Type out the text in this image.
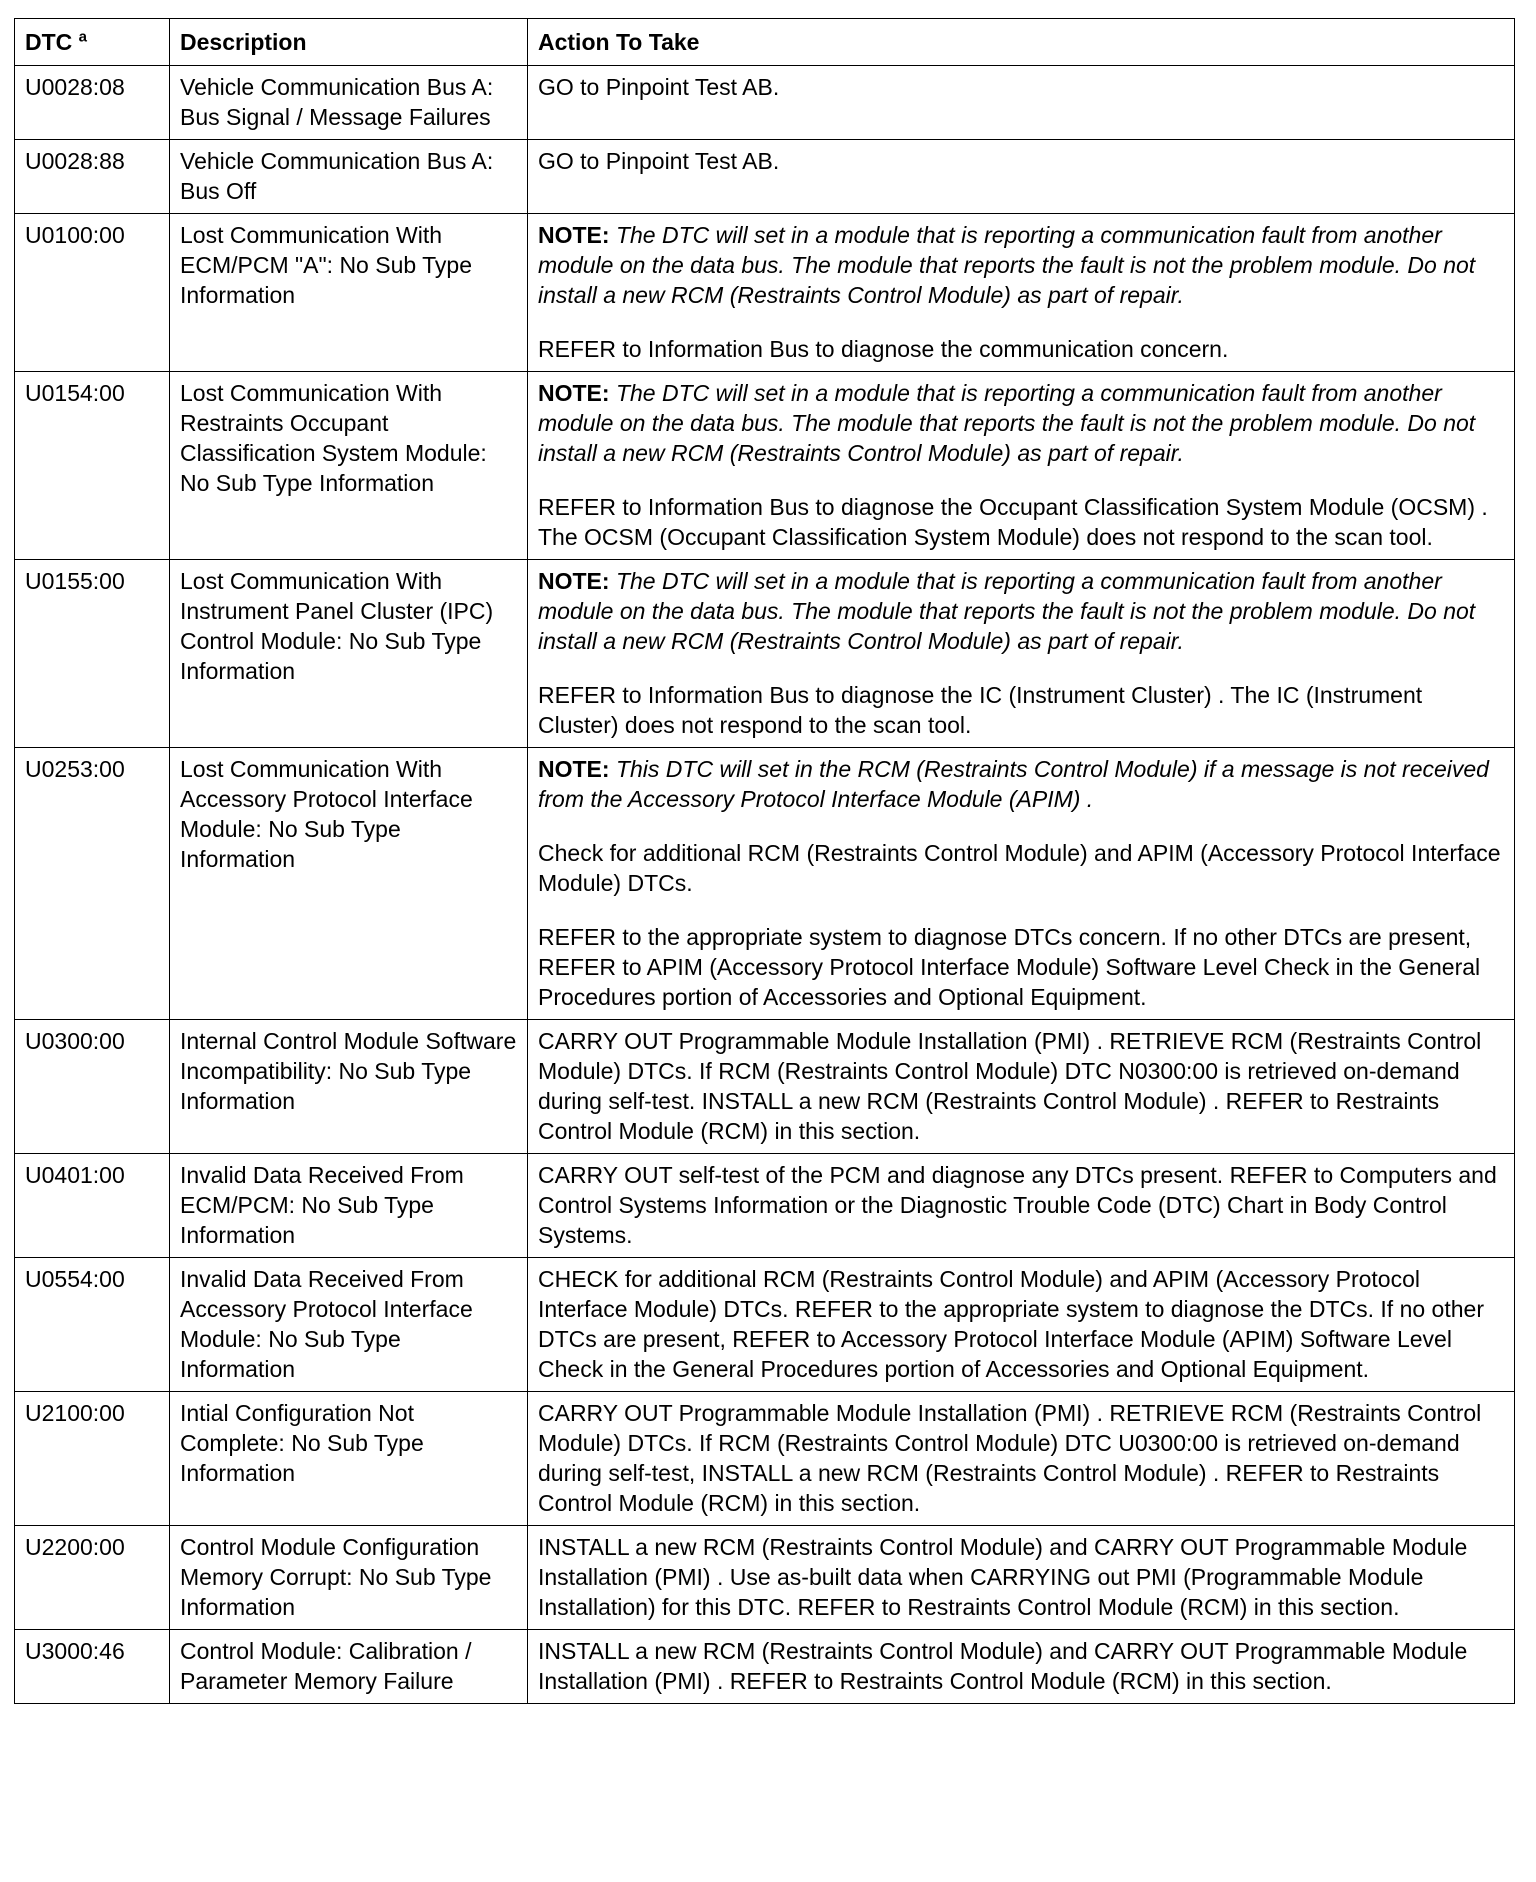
DTC $^a$	Description	Action To Take
U0028:08	Vehicle Communication Bus A: Bus Signal / Message Failures	GO to Pinpoint Test AB.

U0028:88	Vehicle Communication Bus A: Bus Off	GO to Pinpoint Test AB.

U0100:00	Lost Communication With ECM/PCM "A": No Sub Type Information	NOTE: The DTC will set in a module that is reporting a communication fault from another module on the data bus. The module that reports the fault is not the problem module. Do not install a new RCM (Restraints Control Module) as part of repair.

REFER to Information Bus to diagnose the communication concern.

U0154:00	Lost Communication With Restraints Occupant Classification System Module: No Sub Type Information	NOTE: The DTC will set in a module that is reporting a communication fault from another module on the data bus. The module that reports the fault is not the problem module. Do not install a new RCM (Restraints Control Module) as part of repair.

REFER to Information Bus to diagnose the Occupant Classification System Module (OCSM) . The OCSM (Occupant Classification System Module) does not respond to the scan tool.

U0155:00	Lost Communication With Instrument Panel Cluster (IPC) Control Module: No Sub Type Information	NOTE: The DTC will set in a module that is reporting a communication fault from another module on the data bus. The module that reports the fault is not the problem module. Do not install a new RCM (Restraints Control Module) as part of repair.

REFER to Information Bus to diagnose the IC (Instrument Cluster) . The IC (Instrument Cluster) does not respond to the scan tool.

U0253:00	Lost Communication With Accessory Protocol Interface Module: No Sub Type Information	NOTE: This DTC will set in the RCM (Restraints Control Module) if a message is not received from the Accessory Protocol Interface Module (APIM) .

Check for additional RCM (Restraints Control Module) and APIM (Accessory Protocol Interface Module) DTCs.

REFER to the appropriate system to diagnose DTCs concern. If no other DTCs are present, REFER to APIM (Accessory Protocol Interface Module) Software Level Check in the General Procedures portion of Accessories and Optional Equipment.

U0300:00	Internal Control Module Software Incompatibility: No Sub Type Information	CARRY OUT Programmable Module Installation (PMI) . RETRIEVE RCM (Restraints Control Module) DTCs. If RCM (Restraints Control Module) DTC N0300:00 is retrieved on-demand during self-test. INSTALL a new RCM (Restraints Control Module) . REFER to Restraints Control Module (RCM) in this section.

U0401:00	Invalid Data Received From ECM/PCM: No Sub Type Information	CARRY OUT self-test of the PCM and diagnose any DTCs present. REFER to Computers and Control Systems Information or the Diagnostic Trouble Code (DTC) Chart in Body Control Systems.

U0554:00	Invalid Data Received From Accessory Protocol Interface Module: No Sub Type Information	CHECK for additional RCM (Restraints Control Module) and APIM (Accessory Protocol Interface Module) DTCs. REFER to the appropriate system to diagnose the DTCs. If no other DTCs are present, REFER to Accessory Protocol Interface Module (APIM) Software Level Check in the General Procedures portion of Accessories and Optional Equipment.

U2100:00	Intial Configuration Not Complete: No Sub Type Information	CARRY OUT Programmable Module Installation (PMI) . RETRIEVE RCM (Restraints Control Module) DTCs. If RCM (Restraints Control Module) DTC U0300:00 is retrieved on-demand during self-test, INSTALL a new RCM (Restraints Control Module) . REFER to Restraints Control Module (RCM) in this section.

U2200:00	Control Module Configuration Memory Corrupt: No Sub Type Information	INSTALL a new RCM (Restraints Control Module) and CARRY OUT Programmable Module Installation (PMI) . Use as-built data when CARRYING out PMI (Programmable Module Installation) for this DTC. REFER to Restraints Control Module (RCM) in this section.

U3000:46	Control Module: Calibration / Parameter Memory Failure	INSTALL a new RCM (Restraints Control Module) and CARRY OUT Programmable Module Installation (PMI) . REFER to Restraints Control Module (RCM) in this section.
